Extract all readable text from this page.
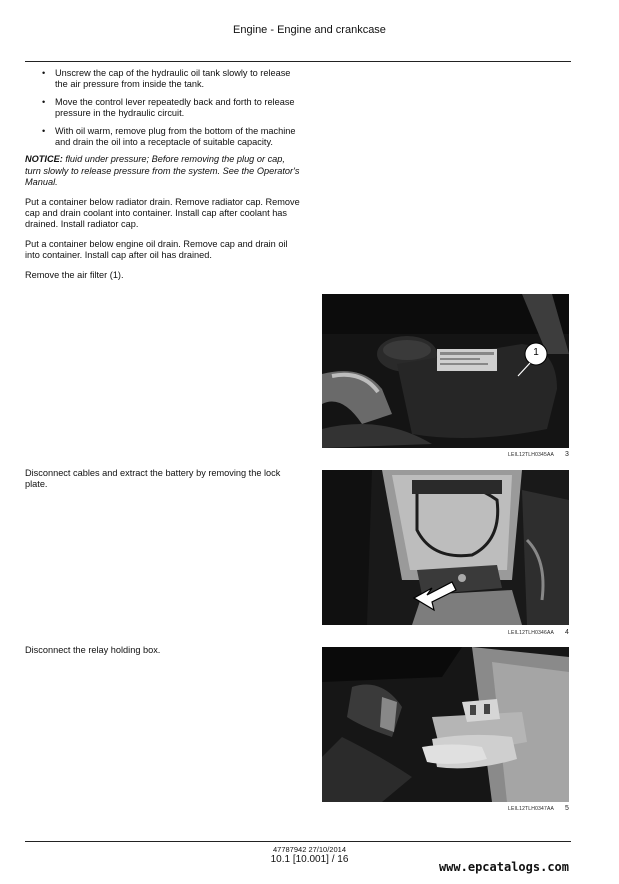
Engine - Engine and crankcase
• Unscrew the cap of the hydraulic oil tank slowly to release the air pressure from inside the tank.
• Move the control lever repeatedly back and forth to release pressure in the hydraulic circuit.
• With oil warm, remove plug from the bottom of the machine and drain the oil into a receptacle of suitable capacity.

NOTICE: fluid under pressure; Before removing the plug or cap, turn slowly to release pressure from the system. See the Operator's Manual.

Put a container below radiator drain. Remove radiator cap. Remove cap and drain coolant into container. Install cap after coolant has drained. Install radiator cap.

Put a container below engine oil drain. Remove cap and drain oil into container. Install cap after oil has drained.

Remove the air filter (1).

1
LEIL12TLH0345AA 3

Disconnect cables and extract the battery by removing the lock plate.

LEIL12TLH0346AA 4

Disconnect the relay holding box.

LEIL12TLH0347AA 5
47787942 27/10/2014
10.1 [10.001] / 16
www.epcatalogs.com
